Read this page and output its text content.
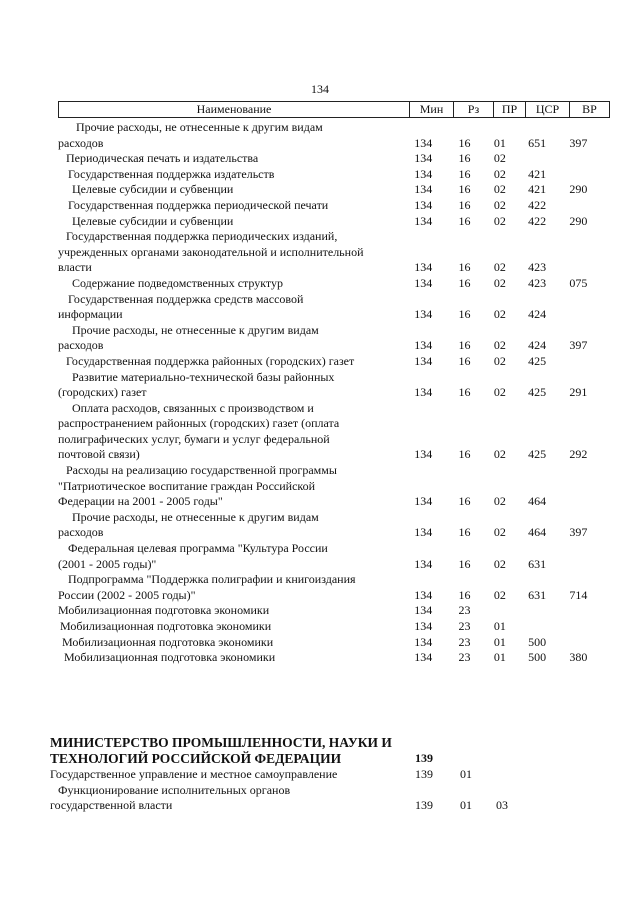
134
Наименование	Мин	Рз	ПР	ЦСР	ВР
Прочие расходы, не отнесенные к другим видам
расходов	134	16	01	651	397
Периодическая печать и издательства	134	16	02
Государственная поддержка издательств	134	16	02	421
Целевые субсидии и субвенции	134	16	02	421	290
Государственная поддержка периодической печати	134	16	02	422
Целевые субсидии и субвенции	134	16	02	422	290
Государственная поддержка периодических изданий,
учрежденных органами законодательной и исполнительной
власти	134	16	02	423
Содержание подведомственных структур	134	16	02	423	075
Государственная поддержка средств массовой
информации	134	16	02	424
Прочие расходы, не отнесенные к другим видам
расходов	134	16	02	424	397
Государственная поддержка районных (городских) газет	134	16	02	425
Развитие материально-технической базы районных
(городских) газет	134	16	02	425	291
Оплата расходов, связанных с производством и
распространением районных (городских) газет (оплата
полиграфических услуг, бумаги и услуг федеральной
почтовой связи)	134	16	02	425	292
Расходы на реализацию государственной программы
"Патриотическое воспитание граждан Российской
Федерации на 2001 - 2005 годы"	134	16	02	464
Прочие расходы, не отнесенные к другим видам
расходов	134	16	02	464	397
Федеральная целевая программа "Культура России
(2001 - 2005 годы)"	134	16	02	631
Подпрограмма "Поддержка полиграфии и книгоиздания
России (2002 - 2005 годы)"	134	16	02	631	714
Мобилизационная подготовка экономики	134	23
Мобилизационная подготовка экономики	134	23	01
Мобилизационная подготовка экономики	134	23	01	500
Мобилизационная подготовка экономики	134	23	01	500	380
МИНИСТЕРСТВО ПРОМЫШЛЕННОСТИ, НАУКИ И
ТЕХНОЛОГИЙ РОССИЙСКОЙ ФЕДЕРАЦИИ	139
Государственное управление и местное самоуправление	139	01
Функционирование исполнительных органов
государственной власти	139	01	03
